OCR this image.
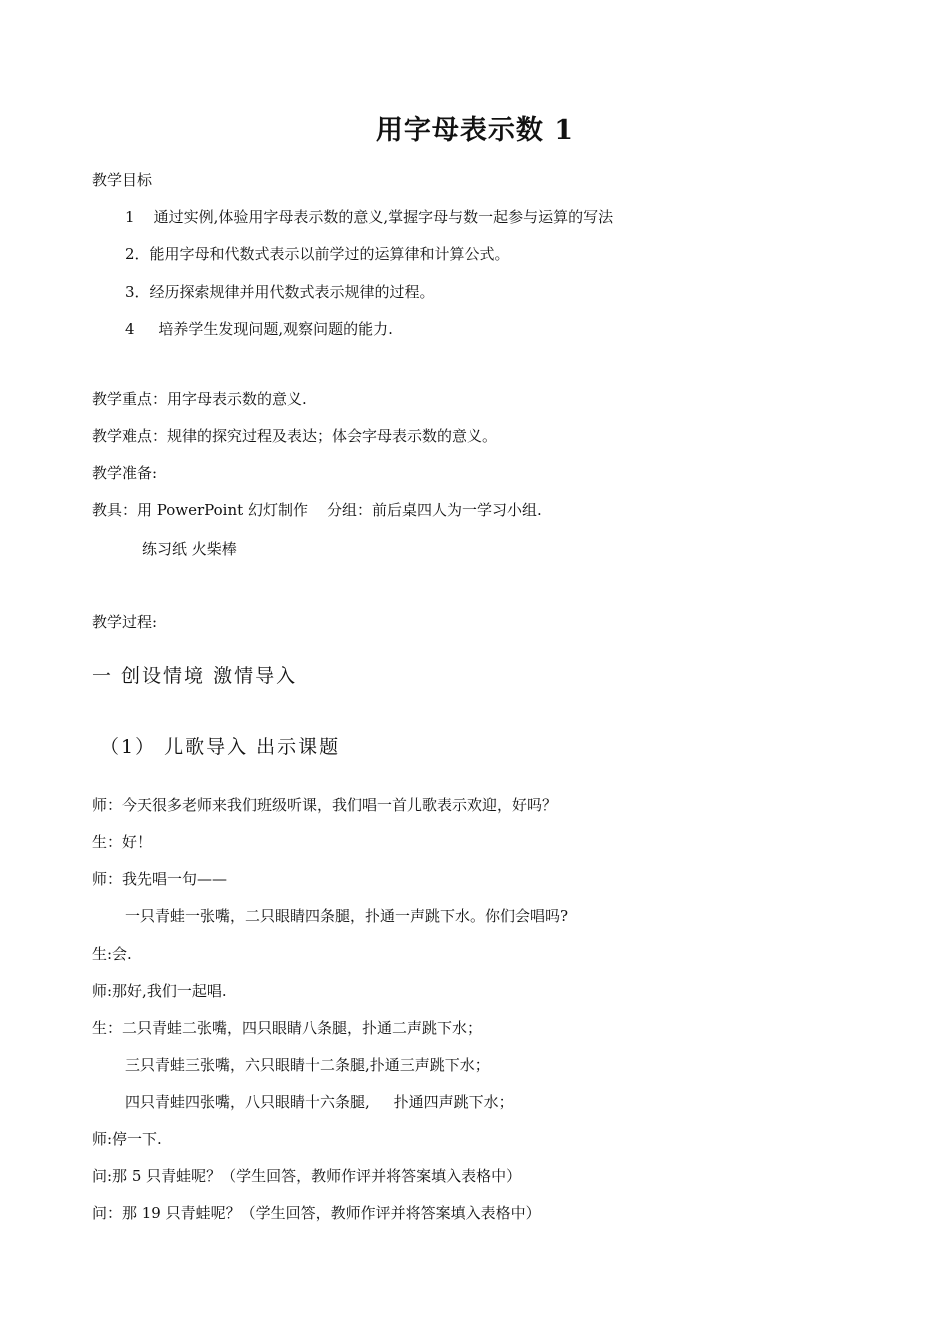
用字母表示数 1
教学目标
1    通过实例,体验用字母表示数的意义,掌握字母与数一起参与运算的写法
2．能用字母和代数式表示以前学过的运算律和计算公式。
3．经历探索规律并用代数式表示规律的过程。
4     培养学生发现问题,观察问题的能力.
教学重点：用字母表示数的意义.
教学难点：规律的探究过程及表达；体会字母表示数的意义。
教学准备:
教具：用 PowerPoint 幻灯制作    分组：前后桌四人为一学习小组.
练习纸 火柴棒
教学过程:
一 创设情境 激情导入
（1） 儿歌导入 出示课题
师：今天很多老师来我们班级听课，我们唱一首儿歌表示欢迎，好吗？
生：好！
师：我先唱一句——
一只青蛙一张嘴，二只眼睛四条腿，扑通一声跳下水。你们会唱吗?
生:会.
师:那好,我们一起唱.
生：二只青蛙二张嘴，四只眼睛八条腿，扑通二声跳下水；
三只青蛙三张嘴，六只眼睛十二条腿,扑通三声跳下水；
四只青蛙四张嘴，八只眼睛十六条腿,     扑通四声跳下水；
师:停一下.
问:那 5 只青蛙呢？（学生回答，教师作评并将答案填入表格中）
问：那 19 只青蛙呢？（学生回答，教师作评并将答案填入表格中）
